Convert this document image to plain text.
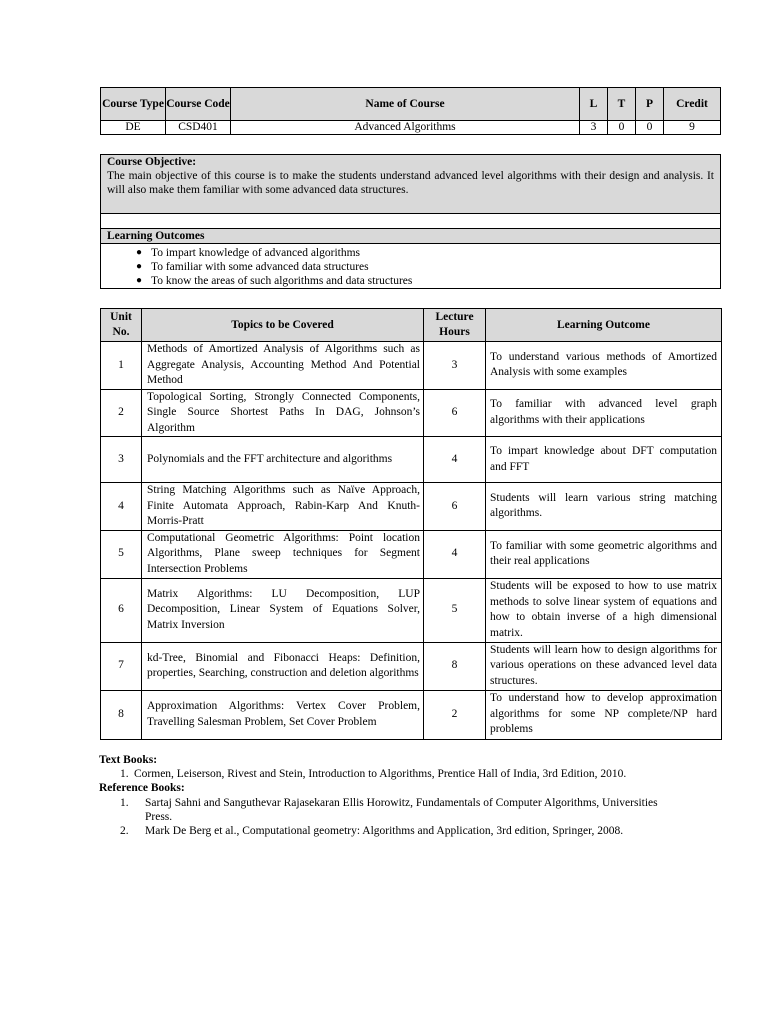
Course Type	Course Code	Name of Course	L	T	P	Credit
DE	CSD401	Advanced Algorithms	3	0	0	9
Course Objective:
The main objective of this course is to make the students understand advanced level algorithms with their design and analysis. It will also make them familiar with some advanced data structures.

Learning Outcomes

● To impart knowledge of advanced algorithms
● To familiar with some advanced data structures
● To know the areas of such algorithms and data structures
Unit No.	Topics to be Covered	Lecture Hours	Learning Outcome
1	Methods of Amortized Analysis of Algorithms such as Aggregate Analysis, Accounting Method And Potential Method	3	To understand various methods of Amortized Analysis with some examples
2	Topological Sorting, Strongly Connected Components, Single Source Shortest Paths In DAG, Johnson’s Algorithm	6	To familiar with advanced level graph algorithms with their applications
3	Polynomials and the FFT architecture and algorithms	4	To impart knowledge about DFT computation and FFT
4	String Matching Algorithms such as Naïve Approach, Finite Automata Approach, Rabin-Karp And Knuth-Morris-Pratt	6	Students will learn various string matching algorithms.
5	Computational Geometric Algorithms: Point location Algorithms, Plane sweep techniques for Segment Intersection Problems	4	To familiar with some geometric algorithms and their real applications
6	Matrix Algorithms: LU Decomposition, LUP Decomposition, Linear System of Equations Solver, Matrix Inversion	5	Students will be exposed to how to use matrix methods to solve linear system of equations and how to obtain inverse of a high dimensional matrix.
7	kd-Tree, Binomial and Fibonacci Heaps: Definition, properties, Searching, construction and deletion algorithms	8	Students will learn how to design algorithms for various operations on these advanced level data structures.
8	Approximation Algorithms: Vertex Cover Problem, Travelling Salesman Problem, Set Cover Problem	2	To understand how to develop approximation algorithms for some NP complete/NP hard problems
Text Books:
1. Cormen, Leiserson, Rivest and Stein, Introduction to Algorithms, Prentice Hall of India, 3rd Edition, 2010.
Reference Books:
1.	Sartaj Sahni and Sanguthevar Rajasekaran Ellis Horowitz, Fundamentals of Computer Algorithms, Universities Press.
2.	Mark De Berg et al., Computational geometry: Algorithms and Application, 3rd edition, Springer, 2008.
